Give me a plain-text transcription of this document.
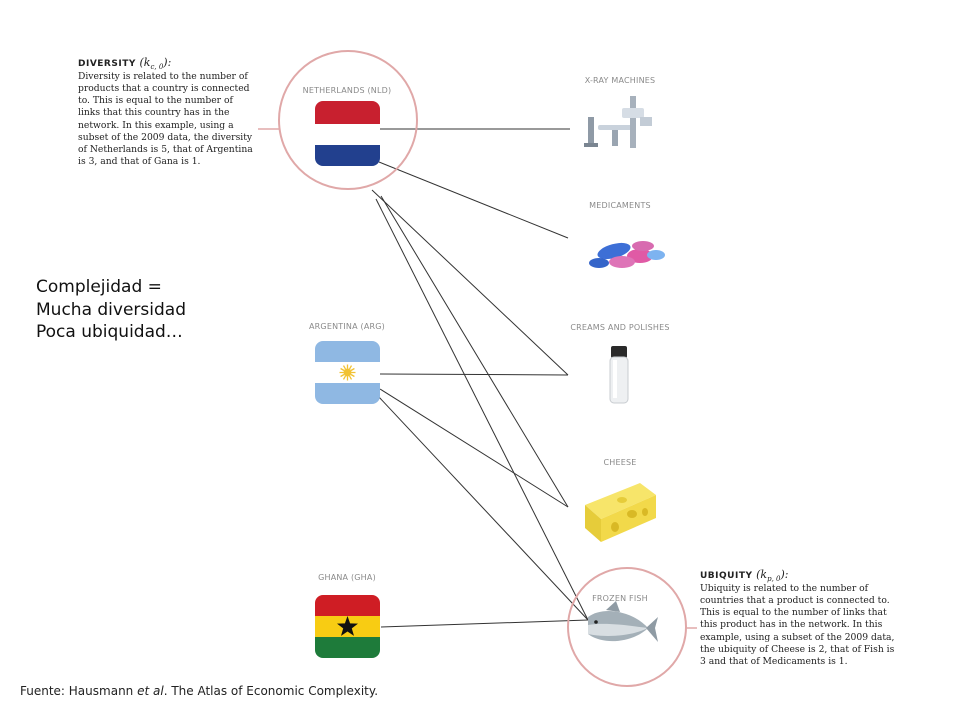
DIVERSITY $(k_{c, 0})$:
Diversity is related to the number of
products that a country is connected
to. This is equal to the number of
links that this country has in the
network. In this example, using a
subset of the 2009 data, the diversity
of Netherlands is 5, that of Argentina
is 3, and that of Gana is 1.
UBIQUITY $(k_{p, 0})$:
Ubiquity is related to the number of
countries that a product is connected to.
This is equal to the number of links that
this product has in the network. In this
example, using a subset of the 2009 data,
the ubiquity of Cheese is 2, that of Fish is
3 and that of Medicaments is 1.
NETHERLANDS (NLD)
ARGENTINA (ARG)
GHANA (GHA)
X-RAY MACHINES
MEDICAMENTS
CREAMS AND POLISHES
CHEESE
FROZEN FISH
Complejidad =
Mucha diversidad
Poca ubiquidad…
Fuente: Hausmann et al. The Atlas of Economic Complexity.
